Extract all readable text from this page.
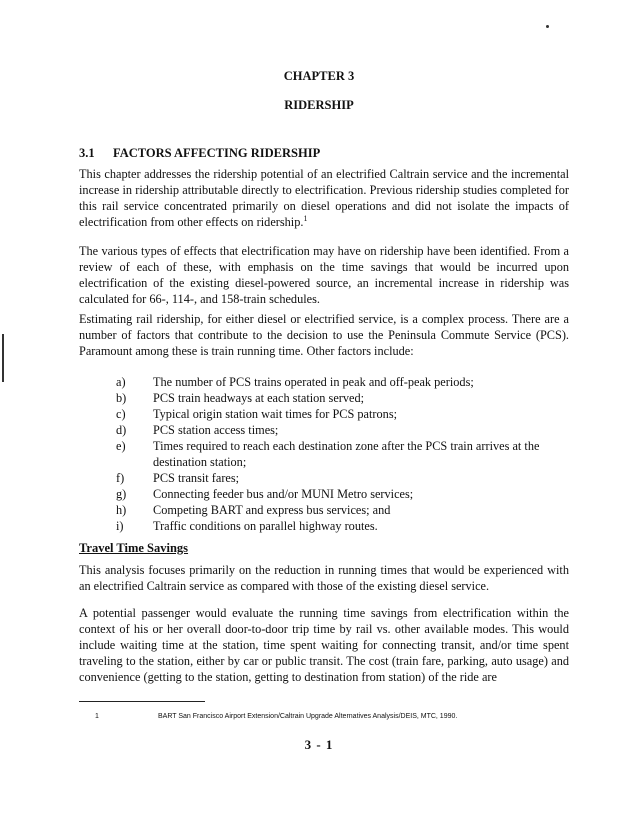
CHAPTER 3
RIDERSHIP
3.1 FACTORS AFFECTING RIDERSHIP

This chapter addresses the ridership potential of an electrified Caltrain service and the incremental increase in ridership attributable directly to electrification. Previous ridership studies completed for this rail service concentrated primarily on diesel operations and did not isolate the impacts of electrification from other effects on ridership.$^1$

The various types of effects that electrification may have on ridership have been identified. From a review of each of these, with emphasis on the time savings that would be incurred upon electrification of the existing diesel-powered source, an incremental increase in ridership was calculated for 66-, 114-, and 158-train schedules.

Estimating rail ridership, for either diesel or electrified service, is a complex process. There are a number of factors that contribute to the decision to use the Peninsula Commute Service (PCS). Paramount among these is train running time. Other factors include:

a) The number of PCS trains operated in peak and off-peak periods;
b) PCS train headways at each station served;
c) Typical origin station wait times for PCS patrons;
d) PCS station access times;
e) Times required to reach each destination zone after the PCS train arrives at the destination station;
f) PCS transit fares;
g) Connecting feeder bus and/or MUNI Metro services;
h) Competing BART and express bus services; and
i) Traffic conditions on parallel highway routes.
Travel Time Savings

This analysis focuses primarily on the reduction in running times that would be experienced with an electrified Caltrain service as compared with those of the existing diesel service.

A potential passenger would evaluate the running time savings from electrification within the context of his or her overall door-to-door trip time by rail vs. other available modes. This would include waiting time at the station, time spent waiting for connecting transit, and/or time spent traveling to the station, either by car or public transit. The cost (train fare, parking, auto usage) and convenience (getting to the station, getting to destination from station) of the ride are

1	BART San Francisco Airport Extension/Caltrain Upgrade Alternatives Analysis/DEIS, MTC, 1990.
3 - 1
